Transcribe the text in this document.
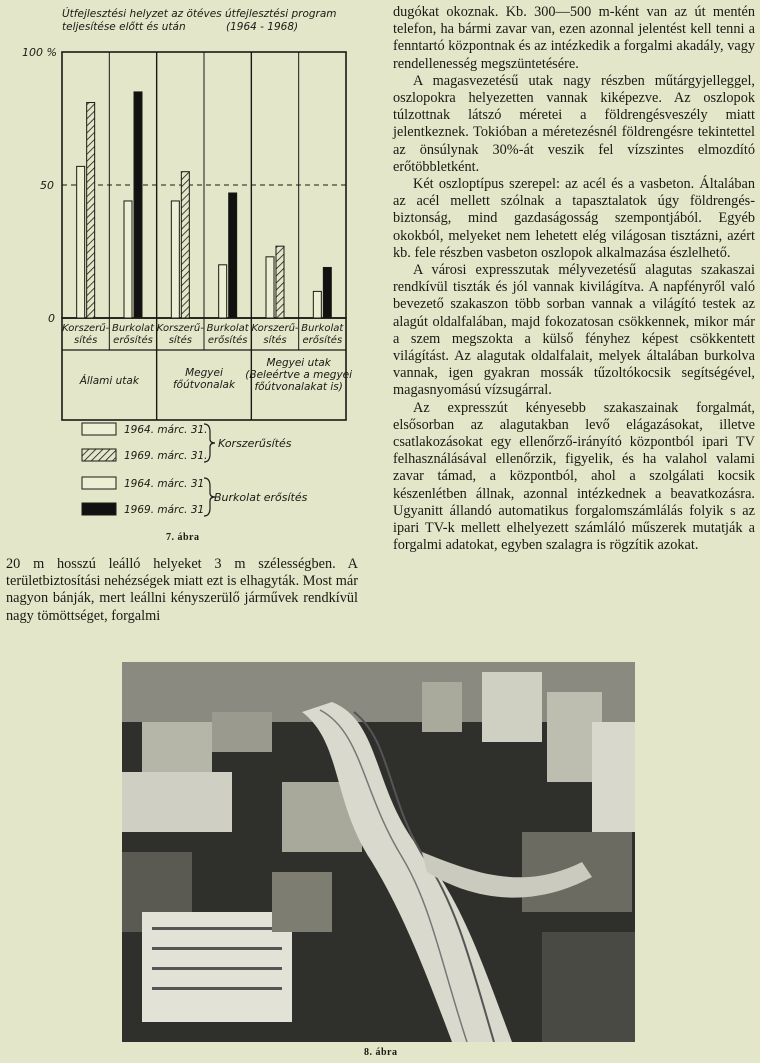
Útfejlesztési helyzet az ötéves útfejlesztési program
teljesítése előtt és után	(1964 - 1968)
100 %
50
0
Korszerű-
sítés
Burkolat
erősítés
Korszerű-
sítés
Burkolat
erősítés
Korszerű-
sítés
Burkolat
erősítés
Állami utak
Megyei
főútvonalak
Megyei utak
(Beleértve a megyei
főútvonalakat is)
1964. márc. 31.
1969. márc. 31.
1964. márc. 31
1969. márc. 31
Korszerűsítés
Burkolat erősítés
7. ábra

20 m hosszú leálló helyeket 3 m szélességben. A területbiztosítási nehézségek miatt ezt is elhagyták. Most már nagyon bánják, mert leállni kényszerülő járművek rendkívül nagy tömöttséget, forgalmi

dugókat okoznak. Kb. 300—500 m-ként van az út mentén telefon, ha bármi zavar van, ezen azonnal jelentést kell tenni a fenntartó központnak és az intézkedik a forgalmi akadály, vagy rendellenesség megszüntetésére.

A magasvezetésű utak nagy részben műtárgyjelleggel, oszlopokra helyezetten vannak kiképezve. Az oszlopok túlzottnak látszó méretei a földrengésveszély miatt jelentkeznek. Tokióban a méretezésnél földrengésre tekintettel az önsúlynak 30%-át veszik fel vízszintes elmozdító erőtöbbletként.

Két oszloptípus szerepel: az acél és a vasbeton. Általában az acél mellett szólnak a tapasztalatok úgy földrengés-biztonság, mind gazdaságosság szempontjából. Egyéb okokból, melyeket nem lehetett elég világosan tisztázni, azért kb. fele részben vasbeton oszlopok alkalmazása észlelhető.

A városi expresszutak mélyvezetésű alagutas szakaszai rendkívül tiszták és jól vannak kivilágítva. A napfényről való bevezető szakaszon több sorban vannak a világító testek az alagút oldalfalában, majd fokozatosan csökkennek, mikor már a szem megszokta a külső fényhez képest csökkentett világítást. Az alagutak oldalfalait, melyek általában burkolva vannak, igen gyakran mossák tűzoltókocsik segítségével, magasnyomású vízsugárral.

Az expresszút kényesebb szakaszainak forgalmát, elsősorban az alagutakban levő elágazásokat, illetve csatlakozásokat egy ellenőrző-irányító központból ipari TV felhasználásával ellenőrzik, figyelik, és ha valahol valami zavar támad, a központból, ahol a szolgálati kocsik készenlétben állnak, azonnal intézkednek a beavatkozásra. Ugyanitt állandó automatikus forgalomszámlálás folyik s az ipari TV-k mellett elhelyezett számláló műszerek mutatják a forgalmi adatokat, egyben szalagra is rögzítik azokat.

8. ábra
